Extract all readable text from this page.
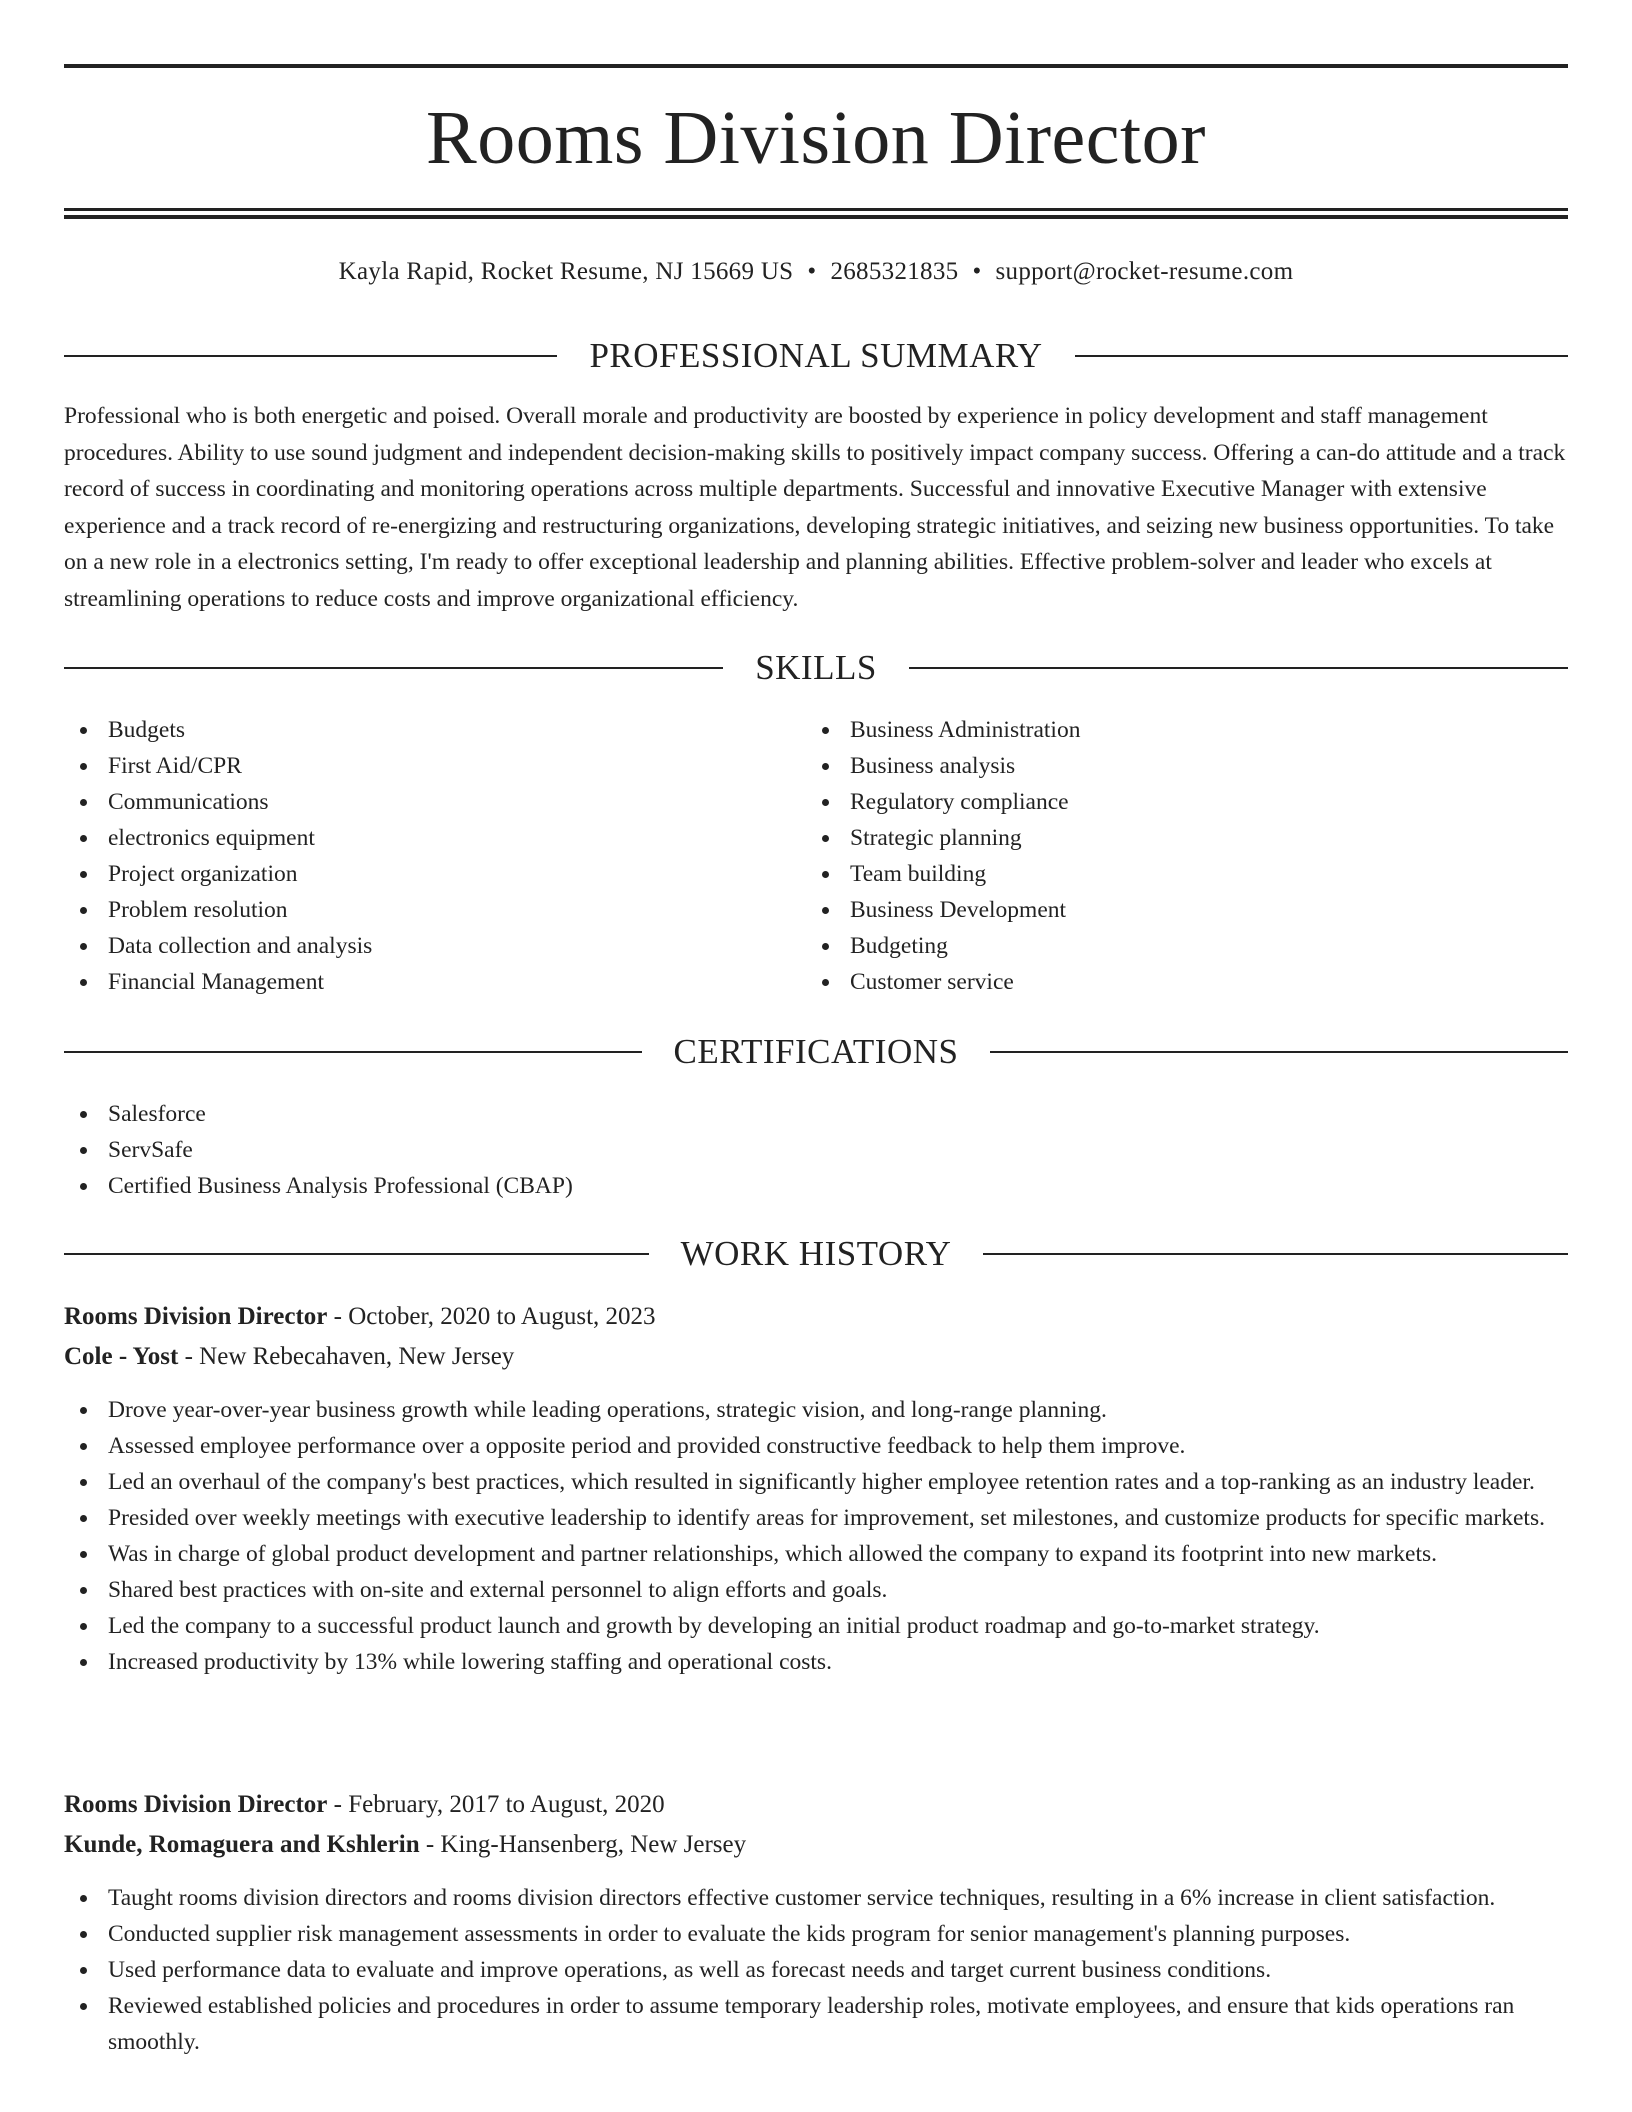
Rooms Division Director
Kayla Rapid, Rocket Resume, NJ 15669 US • 2685321835 • support@rocket-resume.com
PROFESSIONAL SUMMARY

Professional who is both energetic and poised. Overall morale and productivity are boosted by experience in policy development and staff management procedures. Ability to use sound judgment and independent decision-making skills to positively impact company success. Offering a can-do attitude and a track record of success in coordinating and monitoring operations across multiple departments. Successful and innovative Executive Manager with extensive experience and a track record of re-energizing and restructuring organizations, developing strategic initiatives, and seizing new business opportunities. To take on a new role in a electronics setting, I'm ready to offer exceptional leadership and planning abilities. Effective problem-solver and leader who excels at streamlining operations to reduce costs and improve organizational efficiency.

SKILLS
Budgets
First Aid/CPR
Communications
electronics equipment
Project organization
Problem resolution
Data collection and analysis
Financial Management
Business Administration
Business analysis
Regulatory compliance
Strategic planning
Team building
Business Development
Budgeting
Customer service
CERTIFICATIONS
Salesforce
ServSafe
Certified Business Analysis Professional (CBAP)
WORK HISTORY
Rooms Division Director - October, 2020 to August, 2023
Cole - Yost - New Rebecahaven, New Jersey
Drove year-over-year business growth while leading operations, strategic vision, and long-range planning.
Assessed employee performance over a opposite period and provided constructive feedback to help them improve.
Led an overhaul of the company's best practices, which resulted in significantly higher employee retention rates and a top-ranking as an industry leader.
Presided over weekly meetings with executive leadership to identify areas for improvement, set milestones, and customize products for specific markets.
Was in charge of global product development and partner relationships, which allowed the company to expand its footprint into new markets.
Shared best practices with on-site and external personnel to align efforts and goals.
Led the company to a successful product launch and growth by developing an initial product roadmap and go-to-market strategy.
Increased productivity by 13% while lowering staffing and operational costs.
Rooms Division Director - February, 2017 to August, 2020
Kunde, Romaguera and Kshlerin - King-Hansenberg, New Jersey
Taught rooms division directors and rooms division directors effective customer service techniques, resulting in a 6% increase in client satisfaction.
Conducted supplier risk management assessments in order to evaluate the kids program for senior management's planning purposes.
Used performance data to evaluate and improve operations, as well as forecast needs and target current business conditions.
Reviewed established policies and procedures in order to assume temporary leadership roles, motivate employees, and ensure that kids operations ran smoothly.
